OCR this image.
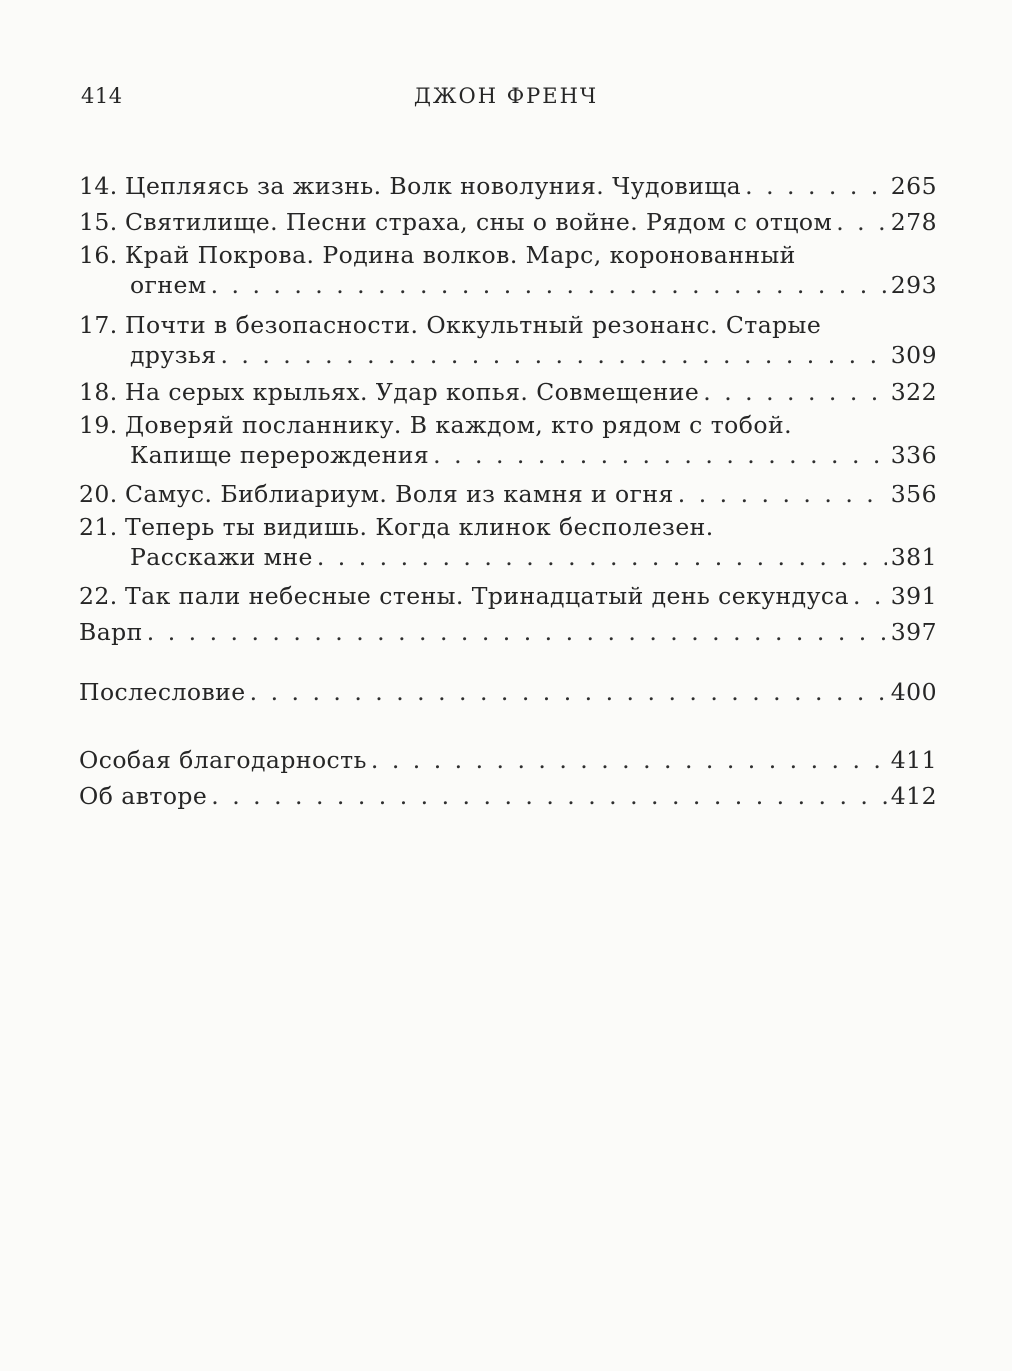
414	ДЖОН ФРЕНЧ
14. Цепляясь за жизнь. Волк новолуния. Чудовища . . .	265
15. Святилище. Песни страха, сны о войне. Рядом с отцом . . . 278
16. Край Покрова. Родина волков. Марс, коронованный
огнем . . .	293
17. Почти в безопасности. Оккультный резонанс. Старые
друзья . . .	309
18. На серых крыльях. Удар копья. Совмещение . . .	322
19. Доверяй посланнику. В каждом, кто рядом с тобой.
Капище перерождения . . .	336
20. Самус. Библиариум. Воля из камня и огня . . .	356
21. Теперь ты видишь. Когда клинок бесполезен.
Расскажи мне . . .	381
22. Так пали небесные стены. Тринадцатый день секундуса . . . 391
Варп . . .	397
Послесловие . . .	400
Особая благодарность . . .	411
Об авторе . . .	412
